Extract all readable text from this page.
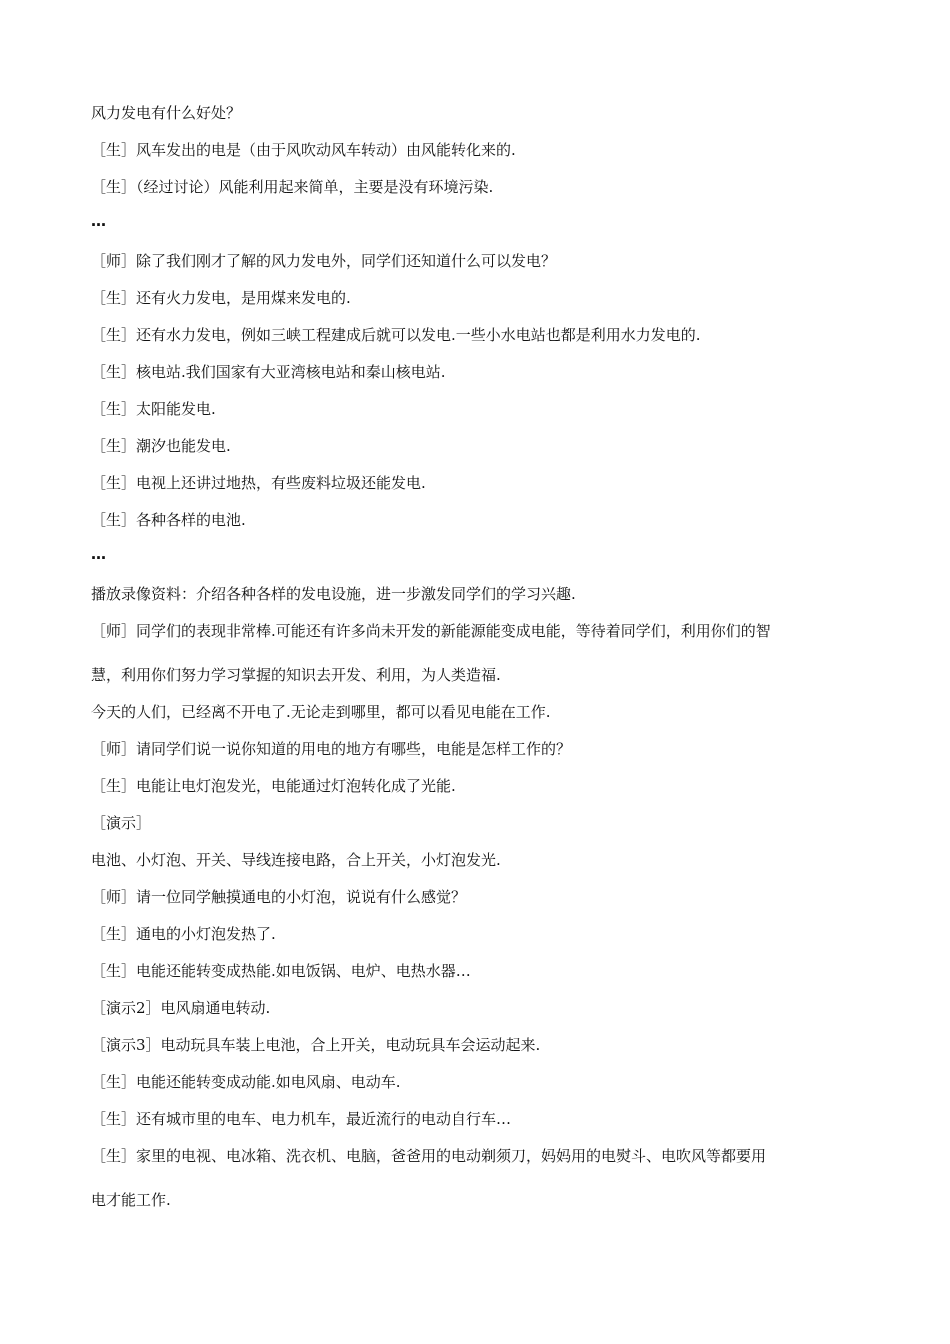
风力发电有什么好处？
［生］风车发出的电是（由于风吹动风车转动）由风能转化来的.
［生］（经过讨论）风能利用起来简单，主要是没有环境污染.
…
［师］除了我们刚才了解的风力发电外，同学们还知道什么可以发电？
［生］还有火力发电，是用煤来发电的.
［生］还有水力发电，例如三峡工程建成后就可以发电.一些小水电站也都是利用水力发电的.
［生］核电站.我们国家有大亚湾核电站和秦山核电站.
［生］太阳能发电.
［生］潮汐也能发电.
［生］电视上还讲过地热，有些废料垃圾还能发电.
［生］各种各样的电池.
…
播放录像资料：介绍各种各样的发电设施，进一步激发同学们的学习兴趣.
［师］同学们的表现非常棒.可能还有许多尚未开发的新能源能变成电能，等待着同学们，利用你们的智
慧，利用你们努力学习掌握的知识去开发、利用，为人类造福.
今天的人们，已经离不开电了.无论走到哪里，都可以看见电能在工作.
［师］请同学们说一说你知道的用电的地方有哪些，电能是怎样工作的？
［生］电能让电灯泡发光，电能通过灯泡转化成了光能.
［演示］
电池、小灯泡、开关、导线连接电路，合上开关，小灯泡发光.
［师］请一位同学触摸通电的小灯泡，说说有什么感觉？
［生］通电的小灯泡发热了.
［生］电能还能转变成热能.如电饭锅、电炉、电热水器…
［演示2］电风扇通电转动.
［演示3］电动玩具车装上电池，合上开关，电动玩具车会运动起来.
［生］电能还能转变成动能.如电风扇、电动车.
［生］还有城市里的电车、电力机车，最近流行的电动自行车…
［生］家里的电视、电冰箱、洗衣机、电脑，爸爸用的电动剃须刀，妈妈用的电熨斗、电吹风等都要用
电才能工作.
